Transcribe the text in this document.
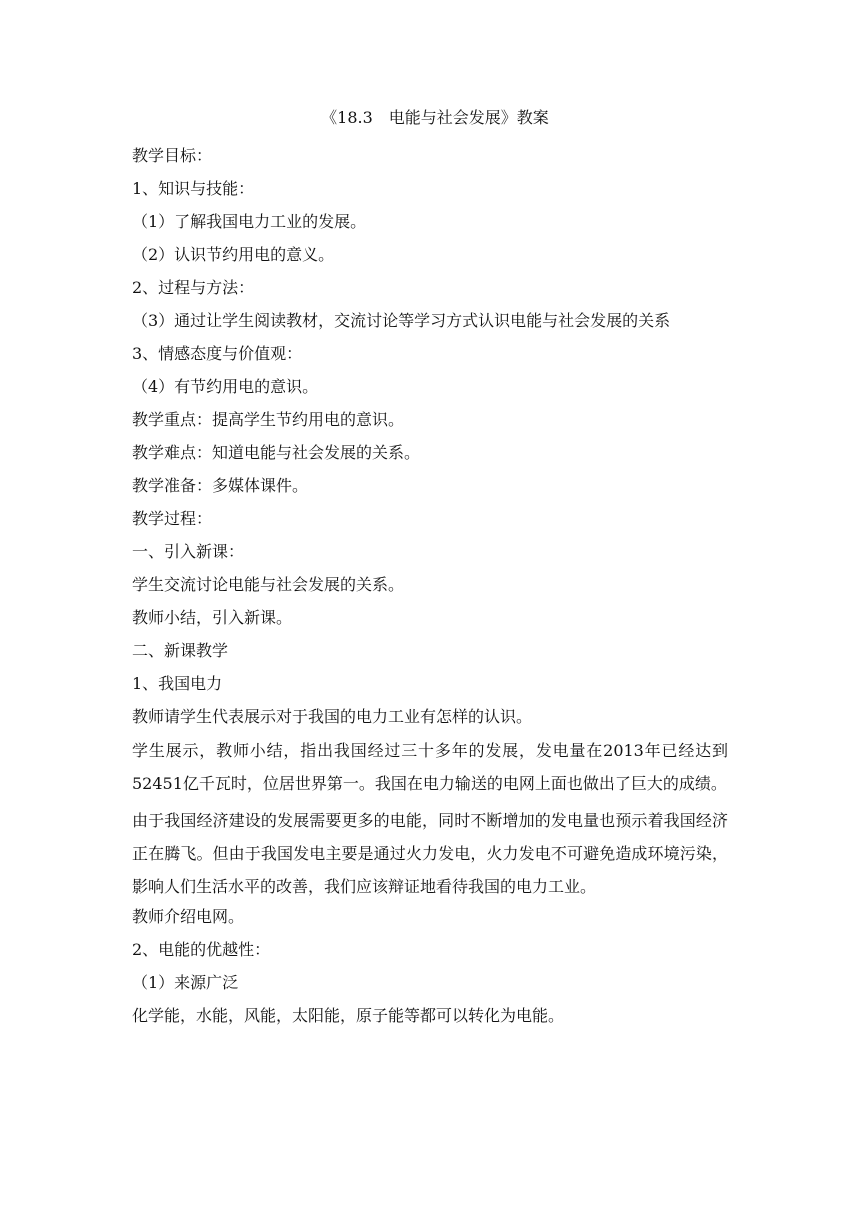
《18.3　电能与社会发展》教案
教学目标：
1、知识与技能：
（1）了解我国电力工业的发展。
（2）认识节约用电的意义。
2、过程与方法：
（3）通过让学生阅读教材，交流讨论等学习方式认识电能与社会发展的关系
3、情感态度与价值观：
（4）有节约用电的意识。
教学重点：提高学生节约用电的意识。
教学难点：知道电能与社会发展的关系。
教学准备：多媒体课件。
教学过程：
一、引入新课：
学生交流讨论电能与社会发展的关系。
教师小结，引入新课。
二、新课教学
1、我国电力
教师请学生代表展示对于我国的电力工业有怎样的认识。
学生展示，教师小结，指出我国经过三十多年的发展，发电量在2013年已经达到52451亿千瓦时，位居世界第一。我国在电力输送的电网上面也做出了巨大的成绩。
由于我国经济建设的发展需要更多的电能，同时不断增加的发电量也预示着我国经济正在腾飞。但由于我国发电主要是通过火力发电，火力发电不可避免造成环境污染，影响人们生活水平的改善，我们应该辩证地看待我国的电力工业。
教师介绍电网。
2、电能的优越性：
（1）来源广泛
化学能，水能，风能，太阳能，原子能等都可以转化为电能。
